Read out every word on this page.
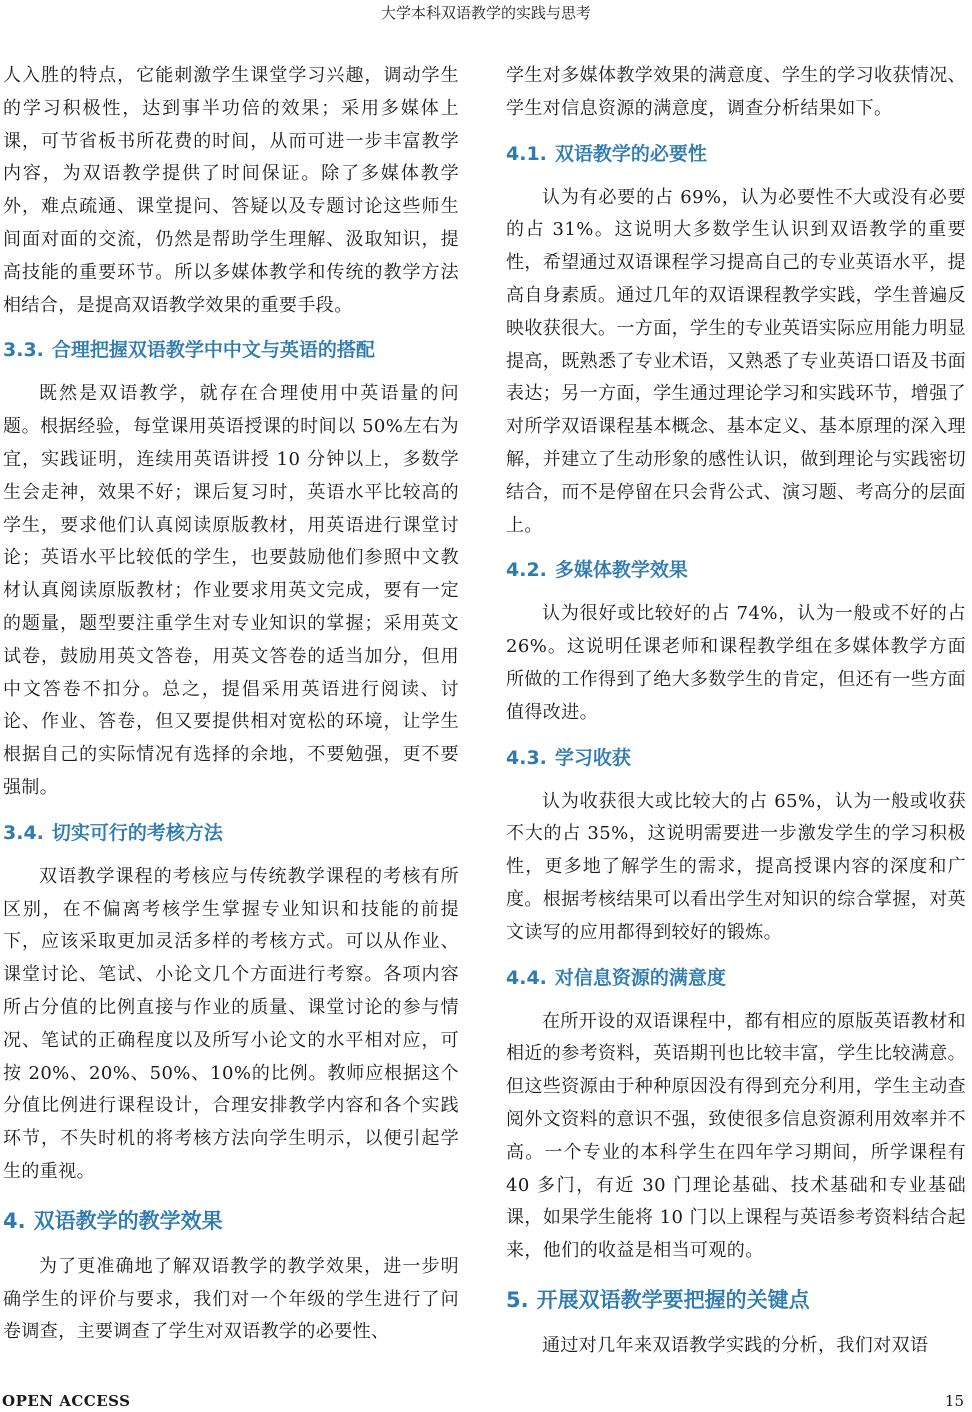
大学本科双语教学的实践与思考

人入胜的特点，它能刺激学生课堂学习兴趣，调动学生的学习积极性，达到事半功倍的效果；采用多媒体上课，可节省板书所花费的时间，从而可进一步丰富教学内容，为双语教学提供了时间保证。除了多媒体教学外，难点疏通、课堂提问、答疑以及专题讨论这些师生间面对面的交流，仍然是帮助学生理解、汲取知识，提高技能的重要环节。所以多媒体教学和传统的教学方法相结合，是提高双语教学效果的重要手段。

3.3. 合理把握双语教学中中文与英语的搭配

既然是双语教学，就存在合理使用中英语量的问题。根据经验，每堂课用英语授课的时间以 50%左右为宜，实践证明，连续用英语讲授 10 分钟以上，多数学生会走神，效果不好；课后复习时，英语水平比较高的学生，要求他们认真阅读原版教材，用英语进行课堂讨论；英语水平比较低的学生，也要鼓励他们参照中文教材认真阅读原版教材；作业要求用英文完成，要有一定的题量，题型要注重学生对专业知识的掌握；采用英文试卷，鼓励用英文答卷，用英文答卷的适当加分，但用中文答卷不扣分。总之，提倡采用英语进行阅读、讨论、作业、答卷，但又要提供相对宽松的环境，让学生根据自己的实际情况有选择的余地，不要勉强，更不要强制。

3.4. 切实可行的考核方法

双语教学课程的考核应与传统教学课程的考核有所区别，在不偏离考核学生掌握专业知识和技能的前提下，应该采取更加灵活多样的考核方式。可以从作业、课堂讨论、笔试、小论文几个方面进行考察。各项内容所占分值的比例直接与作业的质量、课堂讨论的参与情况、笔试的正确程度以及所写小论文的水平相对应，可按 20%、20%、50%、10%的比例。教师应根据这个分值比例进行课程设计，合理安排教学内容和各个实践环节，不失时机的将考核方法向学生明示，以便引起学生的重视。

4. 双语教学的教学效果

为了更准确地了解双语教学的教学效果，进一步明确学生的评价与要求，我们对一个年级的学生进行了问卷调查，主要调查了学生对双语教学的必要性、

学生对多媒体教学效果的满意度、学生的学习收获情况、学生对信息资源的满意度，调查分析结果如下。

4.1. 双语教学的必要性

认为有必要的占 69%，认为必要性不大或没有必要的占 31%。这说明大多数学生认识到双语教学的重要性，希望通过双语课程学习提高自己的专业英语水平，提高自身素质。通过几年的双语课程教学实践，学生普遍反映收获很大。一方面，学生的专业英语实际应用能力明显提高，既熟悉了专业术语，又熟悉了专业英语口语及书面表达；另一方面，学生通过理论学习和实践环节，增强了对所学双语课程基本概念、基本定义、基本原理的深入理解，并建立了生动形象的感性认识，做到理论与实践密切结合，而不是停留在只会背公式、演习题、考高分的层面上。

4.2. 多媒体教学效果

认为很好或比较好的占 74%，认为一般或不好的占 26%。这说明任课老师和课程教学组在多媒体教学方面所做的工作得到了绝大多数学生的肯定，但还有一些方面值得改进。

4.3. 学习收获

认为收获很大或比较大的占 65%，认为一般或收获不大的占 35%，这说明需要进一步激发学生的学习积极性，更多地了解学生的需求，提高授课内容的深度和广度。根据考核结果可以看出学生对知识的综合掌握，对英文读写的应用都得到较好的锻炼。

4.4. 对信息资源的满意度

在所开设的双语课程中，都有相应的原版英语教材和相近的参考资料，英语期刊也比较丰富，学生比较满意。但这些资源由于种种原因没有得到充分利用，学生主动查阅外文资料的意识不强，致使很多信息资源利用效率并不高。一个专业的本科学生在四年学习期间，所学课程有 40 多门，有近 30 门理论基础、技术基础和专业基础课，如果学生能将 10 门以上课程与英语参考资料结合起来，他们的收益是相当可观的。

5. 开展双语教学要把握的关键点

通过对几年来双语教学实践的分析，我们对双语

OPEN ACCESS	15
